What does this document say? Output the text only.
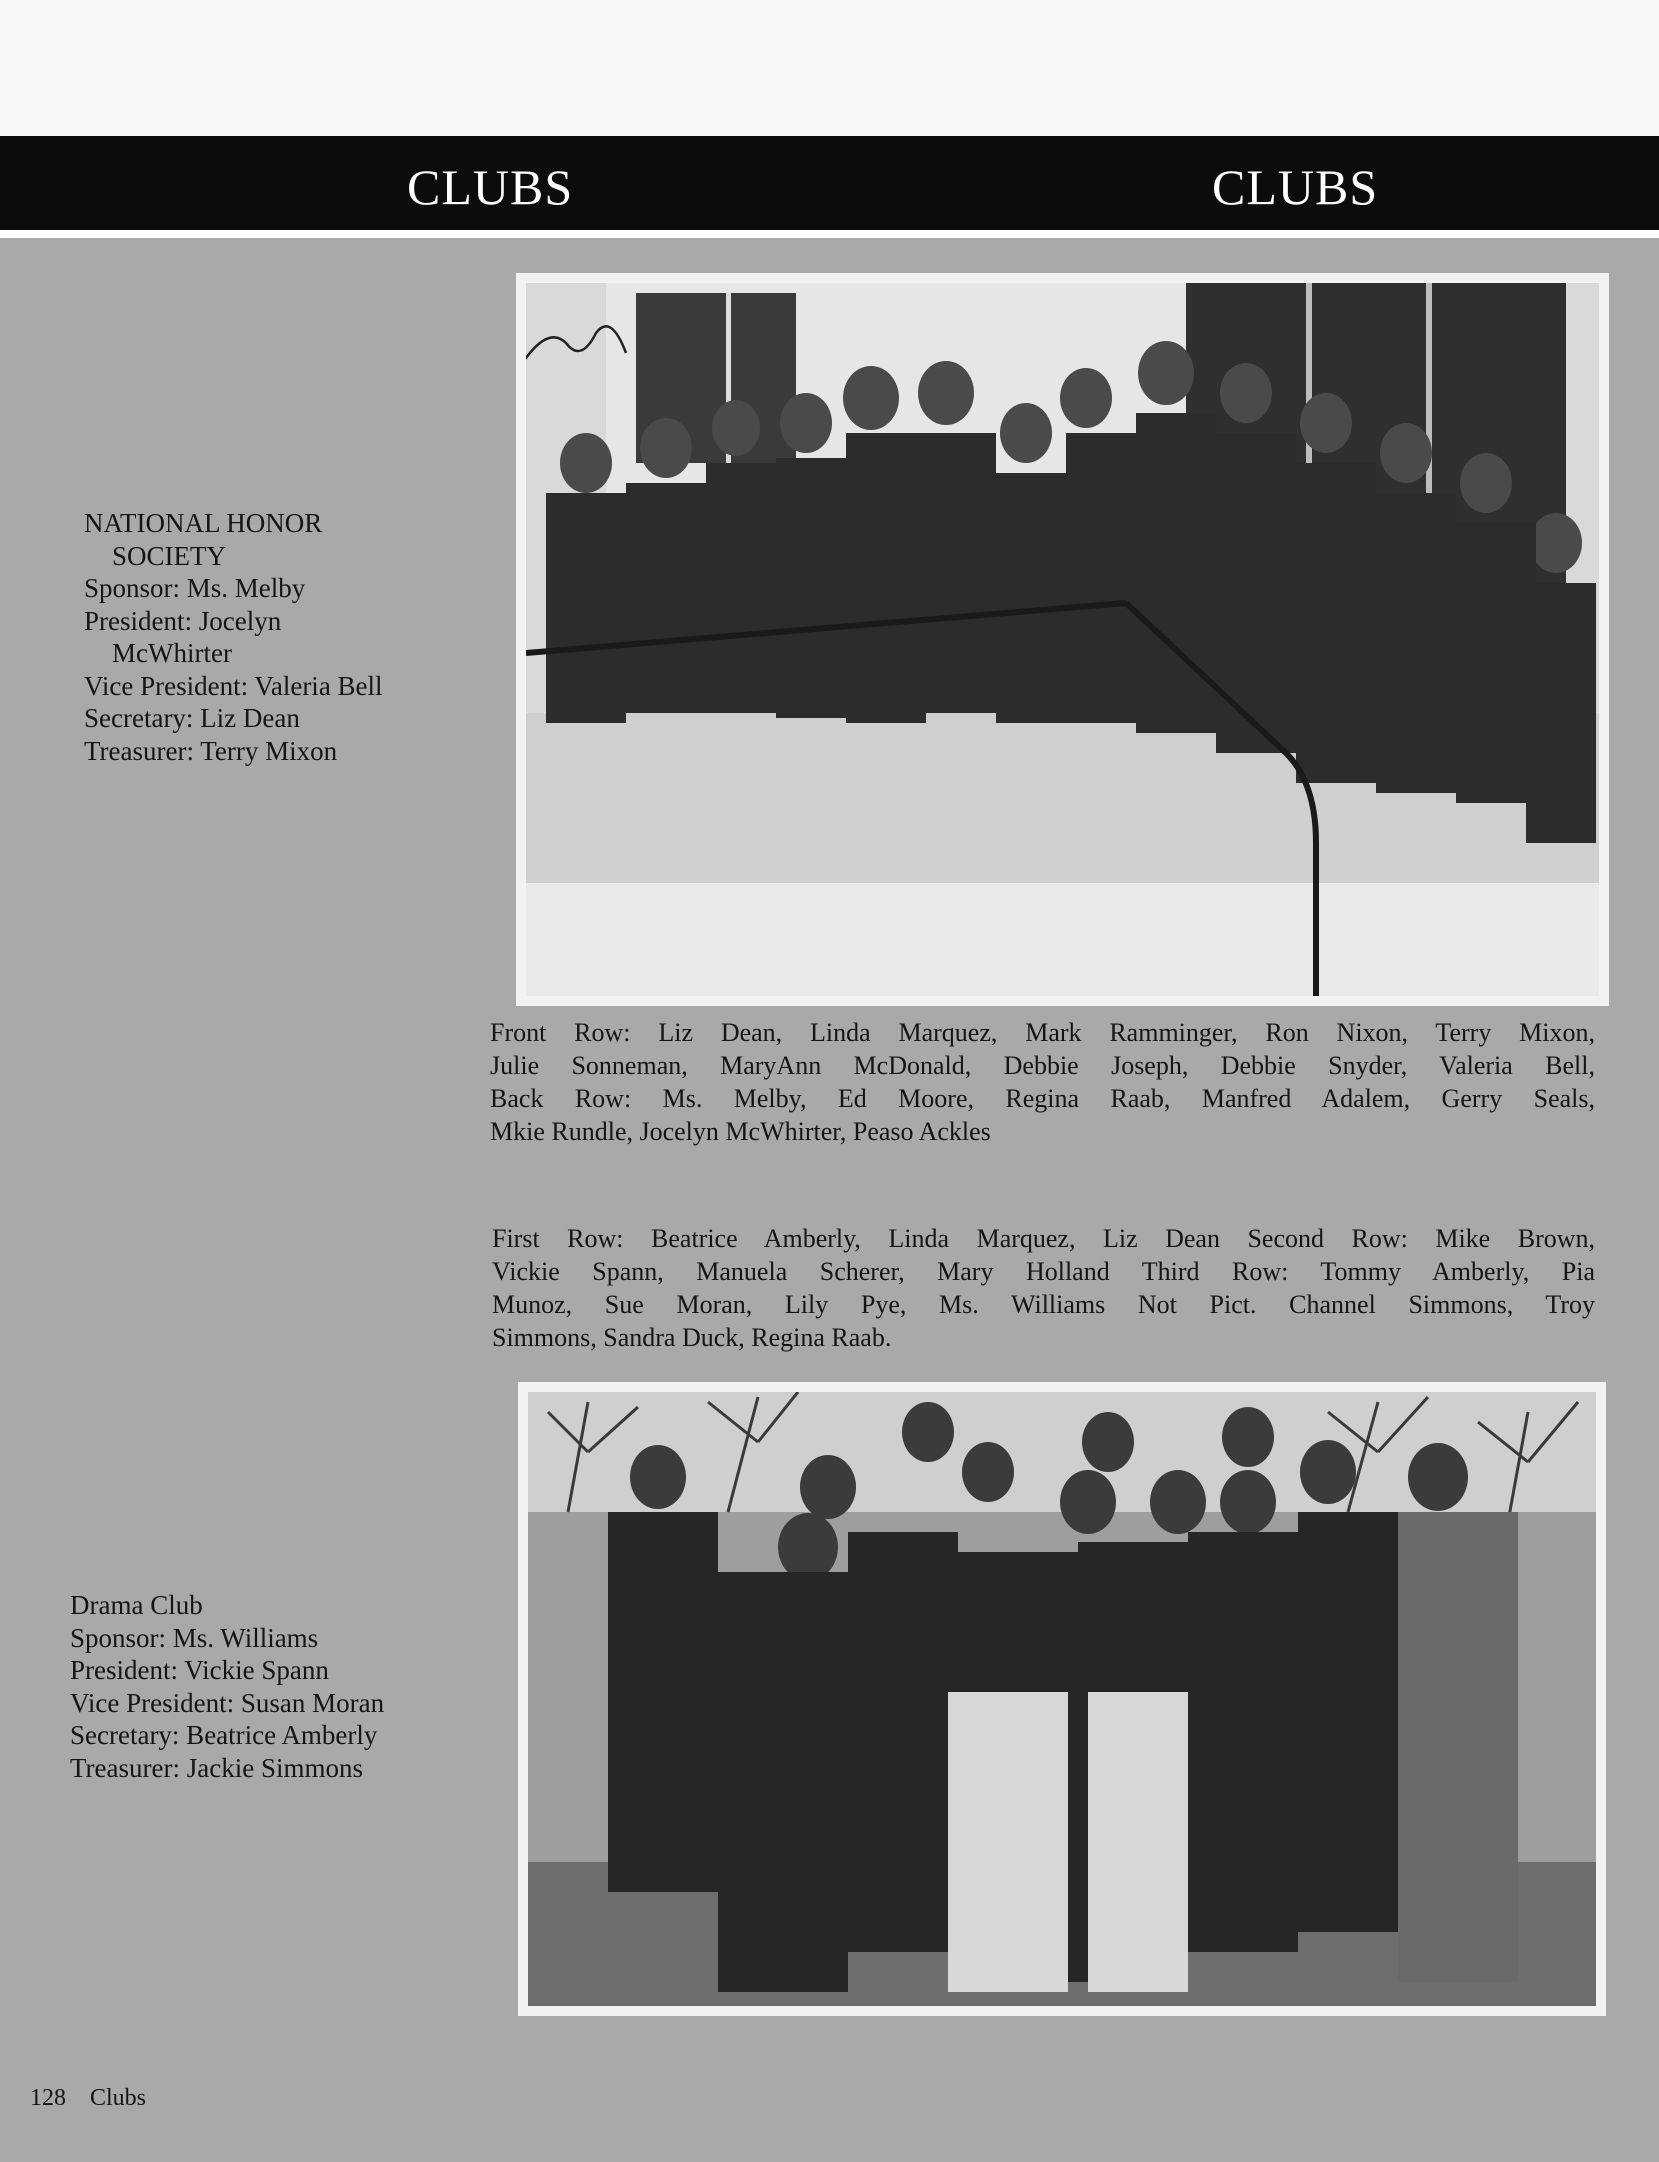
CLUBS	CLUBS
NATIONAL HONOR
SOCIETY
Sponsor: Ms. Melby
President: Jocelyn
McWhirter
Vice President: Valeria Bell
Secretary: Liz Dean
Treasurer: Terry Mixon
Front Row: Liz Dean, Linda Marquez, Mark Ramminger, Ron Nixon, Terry Mixon,
Julie Sonneman, MaryAnn McDonald, Debbie Joseph, Debbie Snyder, Valeria Bell,
Back Row: Ms. Melby, Ed Moore, Regina Raab, Manfred Adalem, Gerry Seals,
Mkie Rundle, Jocelyn McWhirter, Peaso Ackles
First Row: Beatrice Amberly, Linda Marquez, Liz Dean Second Row: Mike Brown,
Vickie Spann, Manuela Scherer, Mary Holland Third Row: Tommy Amberly, Pia
Munoz, Sue Moran, Lily Pye, Ms. Williams Not Pict. Channel Simmons, Troy
Simmons, Sandra Duck, Regina Raab.
Drama Club
Sponsor: Ms. Williams
President: Vickie Spann
Vice President: Susan Moran
Secretary: Beatrice Amberly
Treasurer: Jackie Simmons
128 Clubs
